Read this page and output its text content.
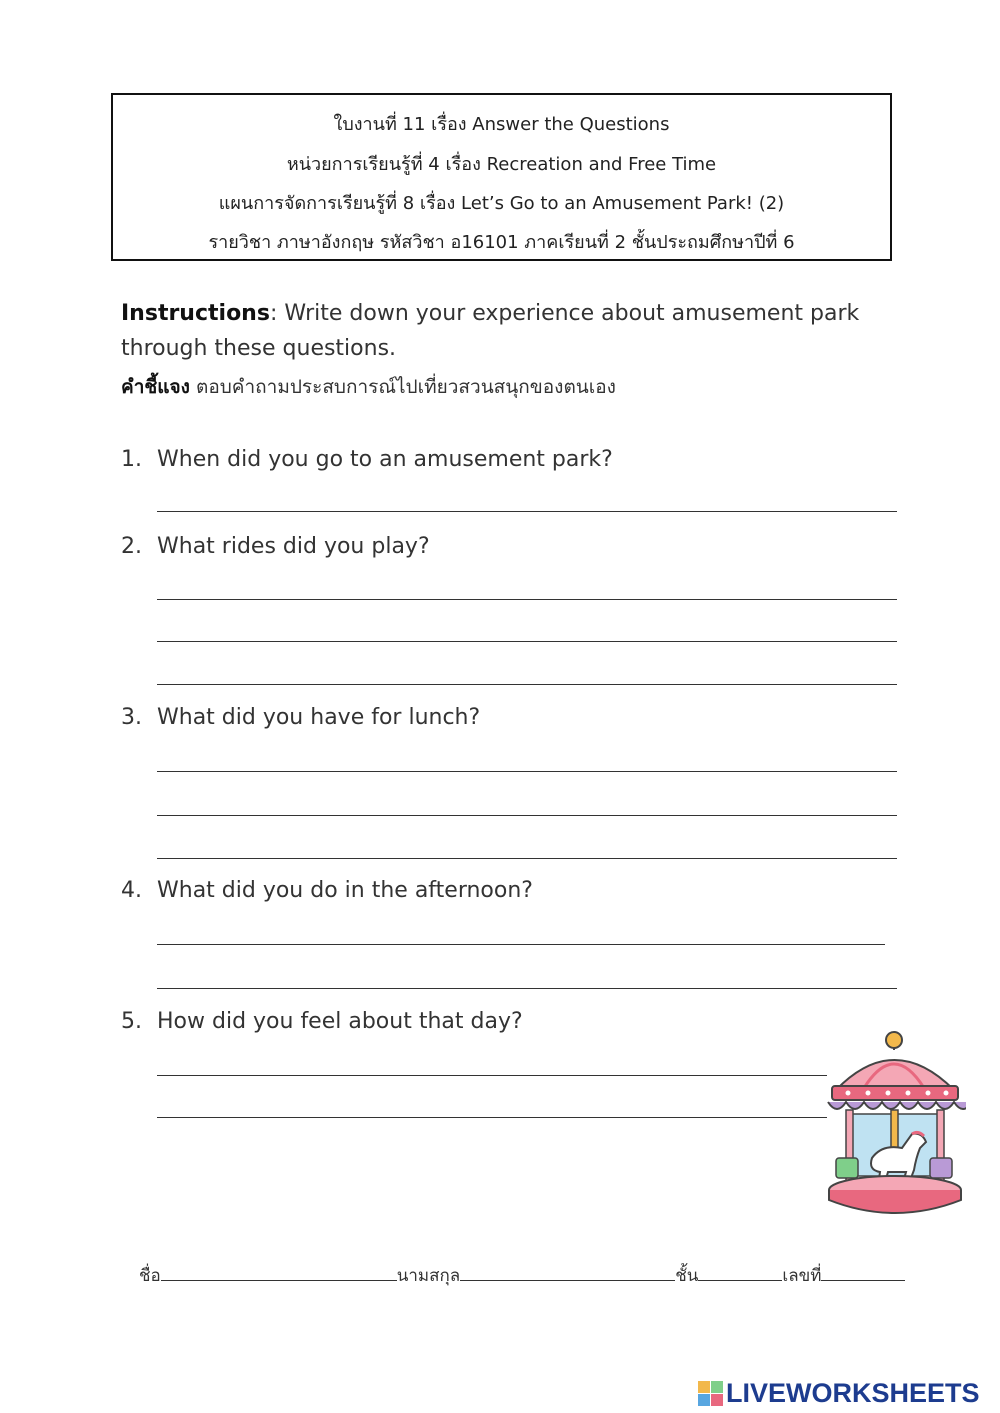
ใบงานที่ 11 เรื่อง Answer the Questions
หน่วยการเรียนรู้ที่ 4 เรื่อง Recreation and Free Time
แผนการจัดการเรียนรู้ที่ 8 เรื่อง Let’s Go to an Amusement Park! (2)
รายวิชา ภาษาอังกฤษ รหัสวิชา อ16101 ภาคเรียนที่ 2 ชั้นประถมศึกษาปีที่ 6
Instructions: Write down your experience about amusement park through these questions.
คำชี้แจง ตอบคำถามประสบการณ์ไปเที่ยวสวนสนุกของตนเอง
1. When did you go to an amusement park?
2. What rides did you play?
3. What did you have for lunch?
4. What did you do in the afternoon?
5. How did you feel about that day?
ชื่อ	นามสกุล	ชั้น	เลขที่
LIVEWORKSHEETS
